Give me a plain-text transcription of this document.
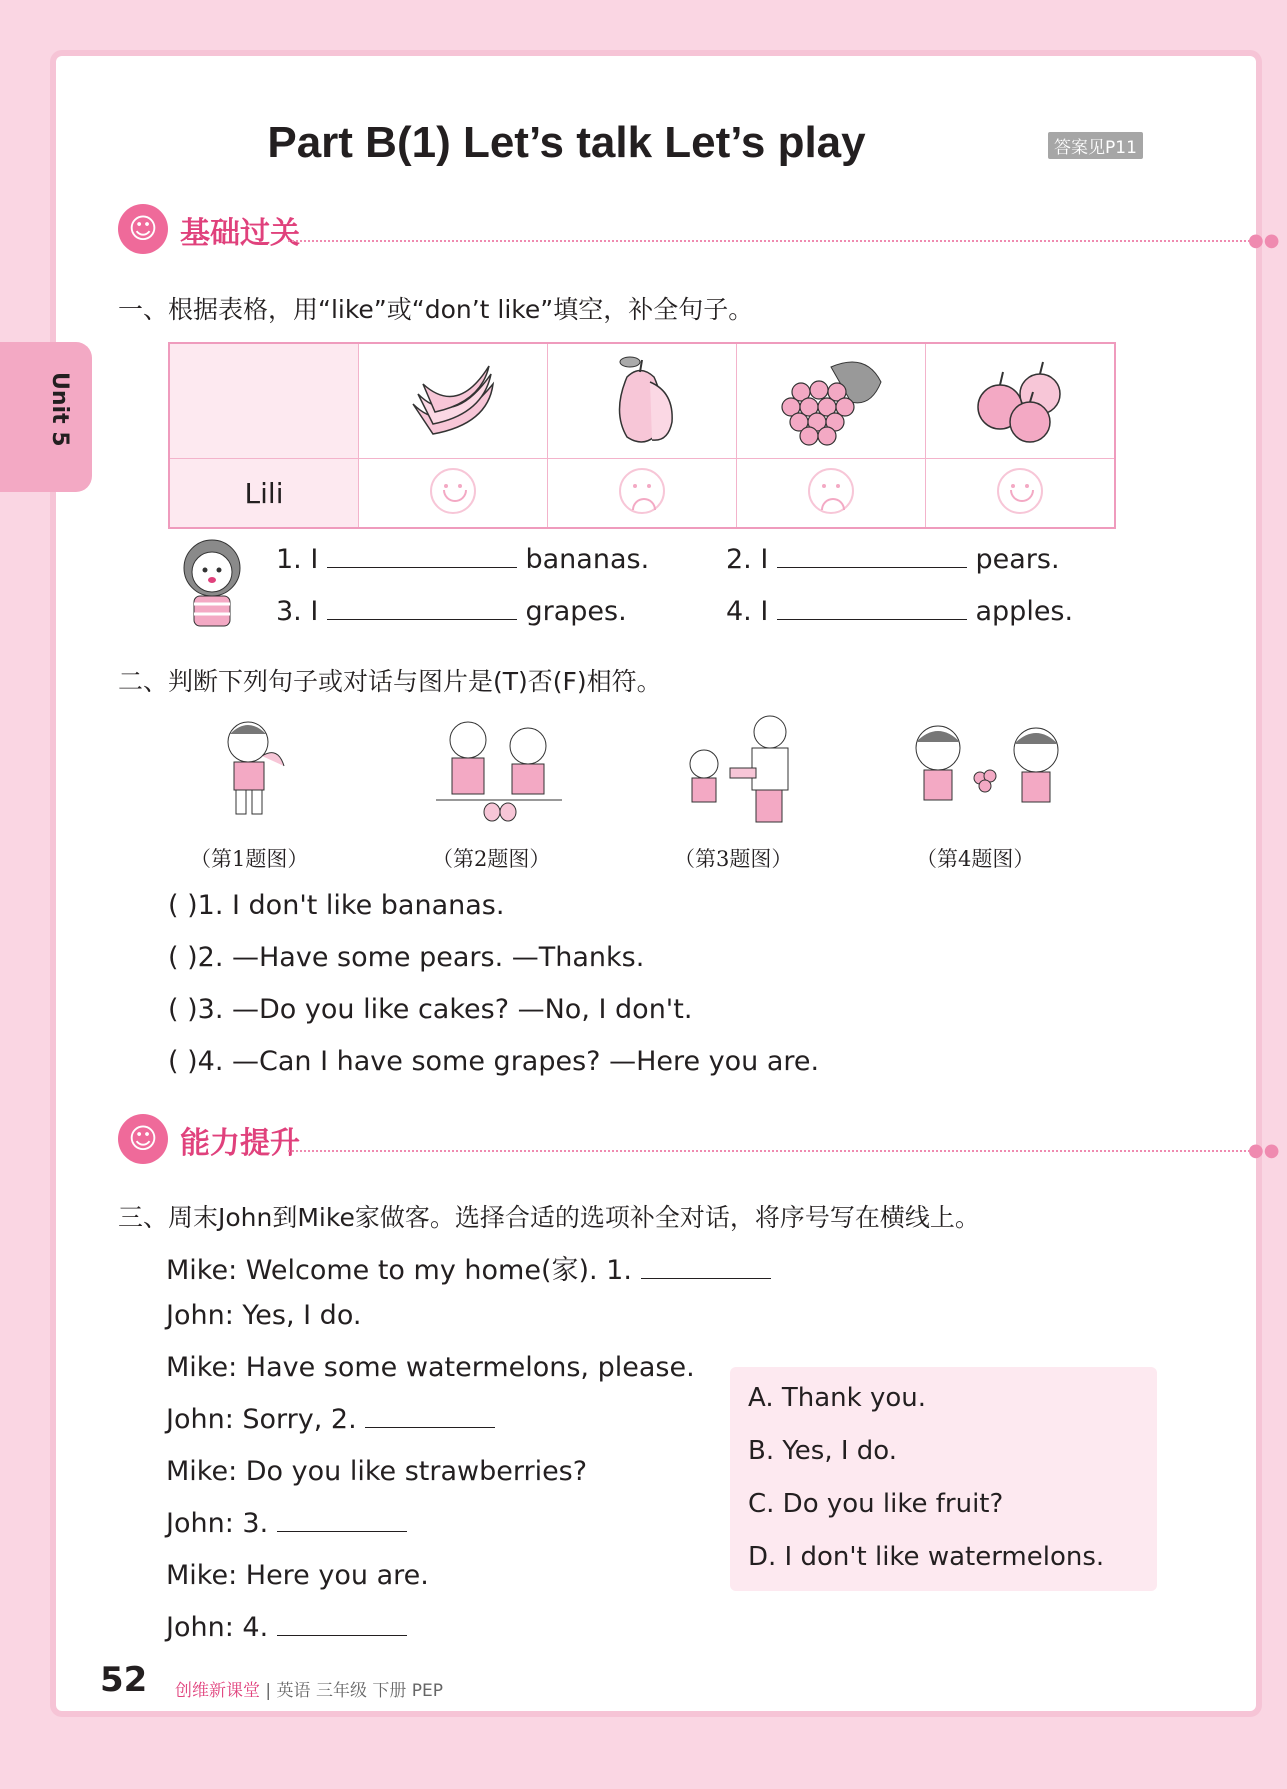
Part B(1) Let’s talk Let’s play	答案见P11
Unit 5
☺ 基础过关	●●
一、根据表格，用“like”或“don’t like”填空，补全句子。

Lili	

1. I	bananas.	2. I	pears.
3. I	grapes.	4. I	apples.
二、判断下列句子或对话与图片是(T)否(F)相符。
（第1题图）	（第2题图）	（第3题图）	（第4题图）
( )1. I don't like bananas.
( )2. —Have some pears. —Thanks.
( )3. —Do you like cakes? —No, I don't.
( )4. —Can I have some grapes? —Here you are.
☺ 能力提升	●●
三、周末John到Mike家做客。选择合适的选项补全对话，将序号写在横线上。
Mike: Welcome to my home(家). 1.
John: Yes, I do.
Mike: Have some watermelons, please.
John: Sorry, 2.
Mike: Do you like strawberries?
John: 3.
Mike: Here you are.
John: 4.
A. Thank you.
B. Yes, I do.
C. Do you like fruit?
D. I don't like watermelons.
52 创维新课堂 | 英语 三年级 下册 PEP
